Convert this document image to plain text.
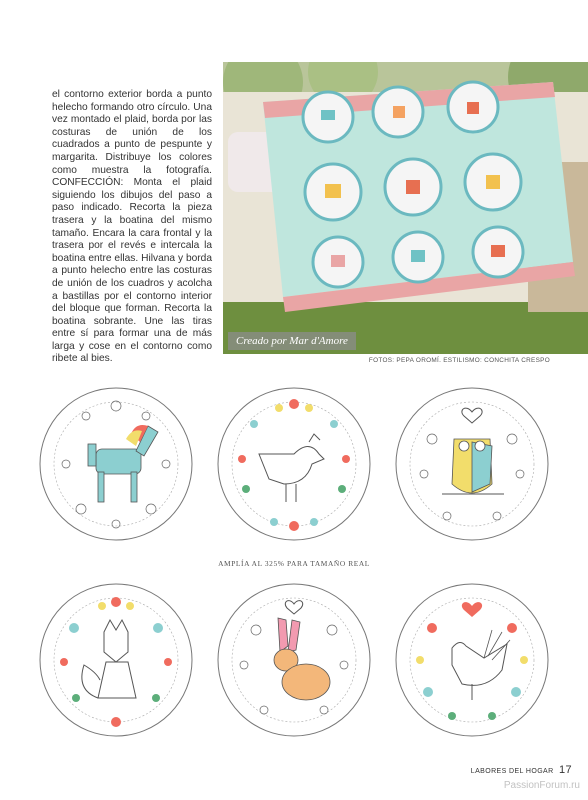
el contorno exterior borda a punto helecho formando otro círculo. Una vez montado el plaid, borda por las costuras de unión de los cuadrados a punto de pespunte y margarita. Distribuye los colores como muestra la fotografía. CONFECCIÓN: Monta el plaid siguiendo los dibujos del paso a paso indicado. Recorta la pieza trasera y la boatina del mismo tamaño. Encara la cara frontal y la trasera por el revés e intercala la boatina entre ellas. Hilvana y borda a punto helecho entre las costuras de unión de los cuadros y acolcha a bastillas por el contorno interior del bloque que forman. Recorta la boatina sobrante. Une las tiras entre sí para formar una de más larga y cose en el contorno como ribete al bies.
Creado por Mar d'Amore
FOTOS: PEPA OROMÍ. ESTILISMO: CONCHITA CRESPO
AMPLÍA AL 325% PARA TAMAÑO REAL
LABORES DEL HOGAR 17
PassionForum.ru
